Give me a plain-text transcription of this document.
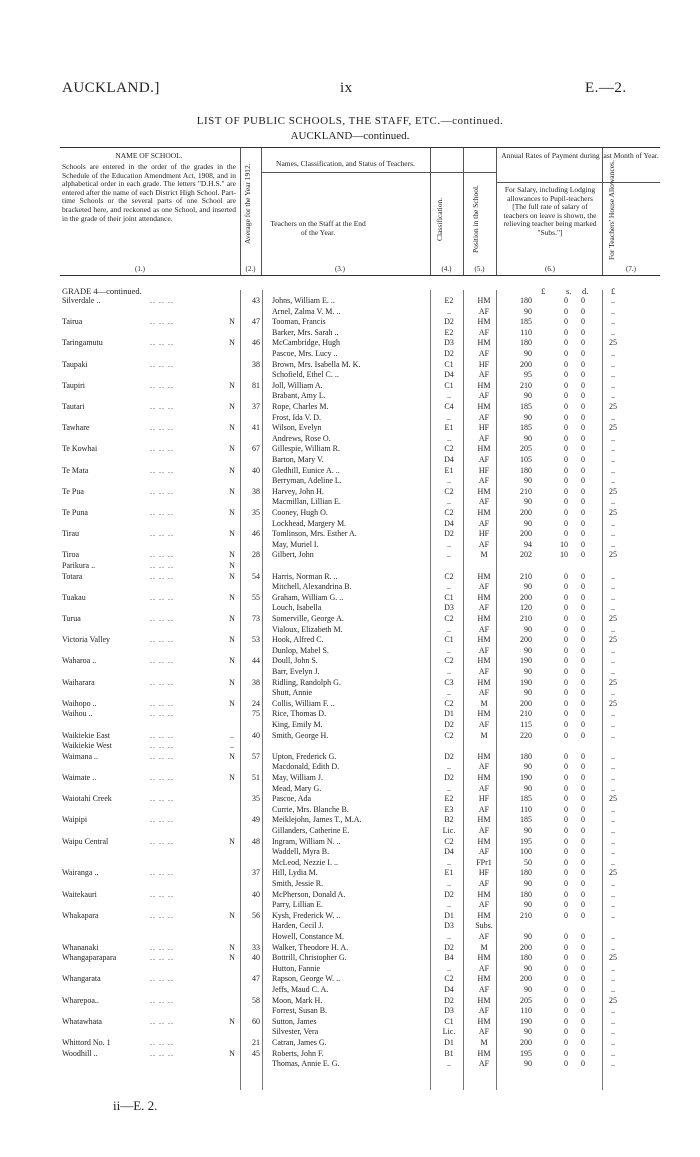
AUCKLAND.]	ix	E.—2.
LIST OF PUBLIC SCHOOLS, THE STAFF, ETC.—continued.
AUCKLAND—continued.
NAME OF SCHOOL.
Schools are entered in the order of the grades in the Schedule of the Education Amendment Act, 1908, and in alphabetical order in each grade. The letters "D.H.S." are entered after the name of each District High School. Part-time Schools or the several parts of one School are bracketed here, and reckoned as one School, and inserted in the grade of their joint attendance.	Average for the Year 1912.
Names, Classification, and Status of Teachers.
Teachers on the Staff at the End of the Year.	Classification.	Position in the School.
Annual Rates of Payment during last Month of Year.
For Salary, including Lodging allowances to Pupil-teachers [The full rate of salary of teachers on leave is shown, the relieving teacher being marked "Subs."]	For Teachers' House Allowances.
(1.)	(2.)	(3.)	(4.)	(5.)	(6.)	(7.)
GRADE 4—continued.	£ s. d.	£
Silverdale ..	.. .. ..	43 Johns, William E. ..	E2	HM	180	0	0	..
Arnel, Zalma V. M. ..	..	AF	90	0	0	..
Tairua	.. .. ..	N	47 Tooman, Francis	D2	HM	185	0	0	..
Barker, Mrs. Sarah ..	E2	AF	110	0	0	..
Taringamutu	.. .. ..	N	46 McCambridge, Hugh	D3	HM	180	0	0	25
Pascoe, Mrs. Lucy ..	D2	AF	90	0	0	..
Taupaki	.. .. ..	38 Brown, Mrs. Isabella M. K.	C1	HF	200	0	0	..
Schofield, Ethel C. ..	D4	AF	95	0	0	..
Taupiri	.. .. ..	N	81 Joll, William A.	C1	HM	210	0	0	..
Brabant, Amy L.	..	AF	90	0	0	..
Tautari	.. .. ..	N	37 Rope, Charles M.	C4	HM	185	0	0	25
Frost, Ida V. D.	..	AF	90	0	0	..
Tawhare	.. .. ..	N	41 Wilson, Evelyn	E1	HF	185	0	0	25
Andrews, Rose O.	..	AF	90	0	0	..
Te Kowhai	.. .. ..	N	67 Gillespie, William R.	C2	HM	205	0	0	..
Barton, Mary V.	D4	AF	105	0	0	..
Te Mata	.. .. ..	N	40 Gledhill, Eunice A. ..	E1	HF	180	0	0	..
Berryman, Adeline L.	..	AF	90	0	0	..
Te Pua	.. .. ..	N	38 Harvey, John H.	C2	HM	210	0	0	25
Macmillan, Lillian E.	..	AF	90	0	0	..
Te Puna	.. .. ..	N	35 Cooney, Hugh O.	C2	HM	200	0	0	25
Lockhead, Margery M.	D4	AF	90	0	0	..
Tirau	.. .. ..	N	46 Tomlinson, Mrs. Esther A.	D2	HF	200	0	0	..
May, Muriel I.	..	AF	94	10	0	..
Tiroa	.. .. ..	N	28 Gilbert, John	..	M	202	10	0	25
Parikura ..	.. .. ..	N
Totara	.. .. ..	N	54 Harris, Norman R. ..	C2	HM	210	0	0	..
Mitchell, Alexandrina B.	..	AF	90	0	0	..
Tuakau	.. .. ..	N	55 Graham, William G. ..	C1	HM	200	0	0	..
Louch, Isabella	D3	AF	120	0	0	..
Turua	.. .. ..	N	73 Somerville, George A.	C2	HM	210	0	0	25
Vialoux, Elizabeth M.	..	AF	90	0	0	..
Victoria Valley	.. .. ..	N	53 Hook, Alfred C.	C1	HM	200	0	0	25
Dunlop, Mabel S.	..	AF	90	0	0	..
Waharoa ..	.. .. ..	N	44 Doull, John S.	C2	HM	190	0	0	..
Barr, Evelyn J.	..	AF	90	0	0	..
Waiharara	.. .. ..	N	38 Ridling, Randolph G.	C3	HM	190	0	0	25
Shutt, Annie	..	AF	90	0	0	..
Waihopo ..	.. .. ..	N	24 Collis, William F. ..	C2	M	200	0	0	25
Waihou ..	.. .. ..	75 Rice, Thomas D.	D1	HM	210	0	0	..
King, Emily M.	D2	AF	115	0	0	..
Waikiekie East	.. .. ..	..	40 Smith, George H.	C2	M	220	0	0	..
Waikiekie West	.. .. ..	..
Waimana ..	.. .. ..	N	57 Upton, Frederick G.	D2	HM	180	0	0	..
Macdonald, Edith D.	..	AF	90	0	0	..
Waimate ..	.. .. ..	N	51 May, William J.	D2	HM	190	0	0	..
Mead, Mary G.	..	AF	90	0	0	..
Waiotahi Creek	.. .. ..	35 Pascoe, Ada	E2	HF	185	0	0	25
Currie, Mrs. Blanche B.	E3	AF	110	0	0	..
Waipipi	.. .. ..	49 Meiklejohn, James T., M.A.	B2	HM	185	0	0	..
Gillanders, Catherine E.	Lic.	AF	90	0	0	..
Waipu Central	.. .. ..	N	48 Ingram, William N. ..	C2	HM	195	0	0	..
Waddell, Myra B.	D4	AF	100	0	0	..
McLeod, Nezzie I. ..	..	FPr1	50	0	0	..
Wairanga ..	.. .. ..	37 Hill, Lydia M.	E1	HF	180	0	0	25
Smith, Jessie R.	..	AF	90	0	0	..
Waitekauri	.. .. ..	40 McPherson, Donald A.	D2	HM	180	0	0	..
Parry, Lillian E.	..	AF	90	0	0	..
Whakapara	.. .. ..	N	56 Kysh, Frederick W. ..	D1	HM	210	0	0	..
Harden, Cecil J.	D3	Subs.
Howell, Constance M.	..	AF	90	0	0	..
Whananaki	.. .. ..	N	33 Walker, Theodore H. A.	D2	M	200	0	0	..
Whangaparapara	.. .. ..	N	40 Bottrill, Christopher G.	B4	HM	180	0	0	25
Hutton, Fannie	..	AF	90	0	0	..
Whangarata	.. .. ..	47 Rapson, George W. ..	C2	HM	200	0	0	..
Jeffs, Maud C. A.	D4	AF	90	0	0	..
Wharepoa..	.. .. ..	58 Moon, Mark H.	D2	HM	205	0	0	25
Forrest, Susan B.	D3	AF	110	0	0	..
Whatawhata	.. .. ..	N	60 Sutton, James	C1	HM	190	0	0	..
Silvester, Vera	Lic.	AF	90	0	0	..
Whittord No. 1	.. .. ..	21 Catran, James G.	D1	M	200	0	0	..
Woodhill ..	.. .. ..	N	45 Roberts, John F.	B1	HM	195	0	0	..
Thomas, Annie E. G.	..	AF	90	0	0	..
ii—E. 2.
